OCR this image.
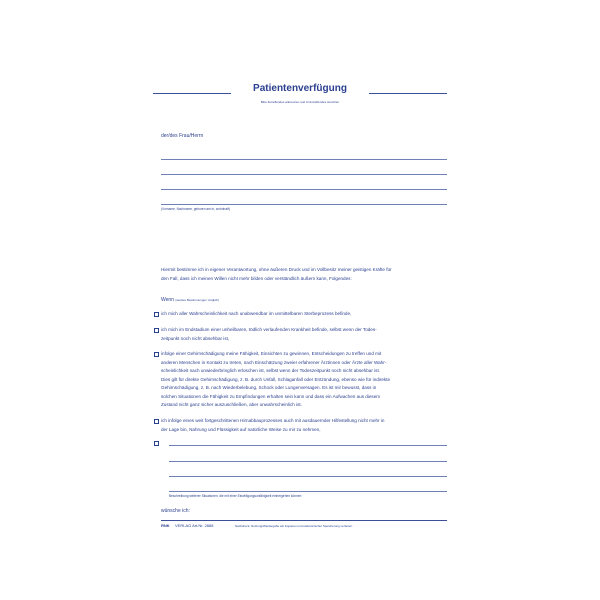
Patientenverfügung
Bitte Zutreffendes ankreuzen und Unzutreffendes streichen
der/des Frau/Herrn
(Vorname, Nachname, geboren am in, wohnhaft)
Hiermit bestimme ich in eigener Verantwortung, ohne äußeren Druck und im Vollbesitz meiner geistigen Kräfte für
den Fall, dass ich meinen Willen nicht mehr bilden oder verständlich äußern kann, Folgendes:
Wenn (weitere Bestimmungen möglich)
ich mich aller Wahrscheinlichkeit nach unabwendbar im unmittelbaren Sterbeprozess befinde,
ich mich im Endstadium einer unheilbaren, tödlich verlaufenden Krankheit befinde, selbst wenn der Todes-
zeitpunkt noch nicht absehbar ist,
infolge einer Gehirnschädigung meine Fähigkeit, Einsichten zu gewinnen, Entscheidungen zu treffen und mit
anderen Menschen in Kontakt zu treten, nach Einschätzung zweier erfahrener Ärztinnen oder Ärzte aller Wahr-
scheinlichkeit nach unwiederbringlich erloschen ist, selbst wenn der Todeszeitpunkt noch nicht absehbar ist.
Dies gilt für direkte Gehirnschädigung, z. B. durch Unfall, Schlaganfall oder Entzündung, ebenso wie für indirekte
Gehirnschädigung, z. B. nach Wiederbelebung, Schock oder Lungenversagen. Es ist mir bewusst, dass in
solchen Situationen die Fähigkeit zu Empfindungen erhalten sein kann und dass ein Aufwachen aus diesem
Zustand nicht ganz sicher auszuschließen, aber unwahrscheinlich ist.
ich infolge eines weit fortgeschrittenen Hirnabbauprozesses auch mit ausdauernder Hilfestellung nicht mehr in
der Lage bin, Nahrung und Flüssigkeit auf natürliche Weise zu mir zu nehmen,
Beschreibung weiterer Situationen, die mit einer Einwilligungsunfähigkeit einhergehen können
wünsche ich:
RNK VERLAG Art.Nr. 2888	Nachdruck, Nutzung/Wiedergabe als Kopieren und elektronischer Speicherung verboten
